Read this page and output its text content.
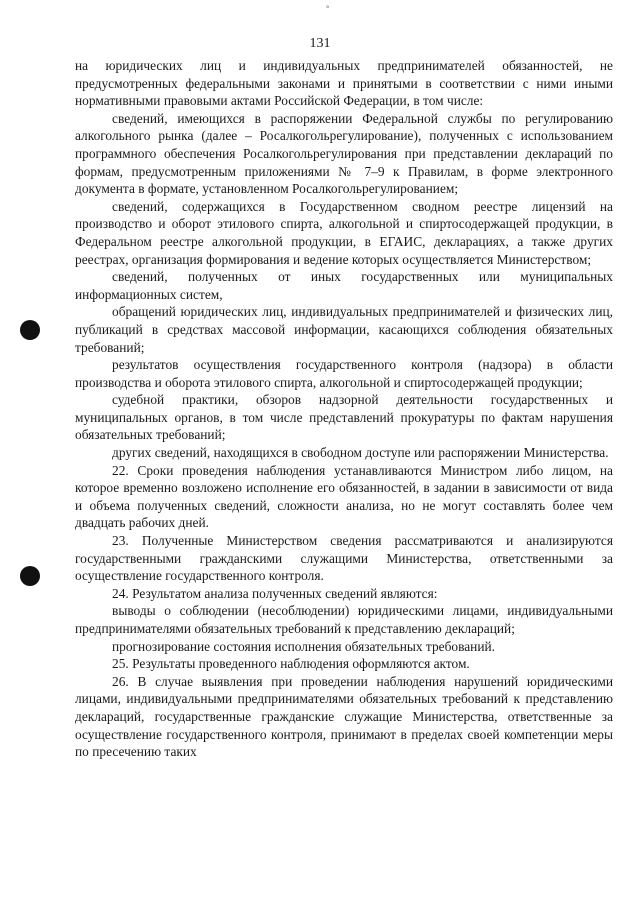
°
131

на юридических лиц и индивидуальных предпринимателей обязанностей, не предусмотренных федеральными законами и принятыми в соответствии с ними иными нормативными правовыми актами Российской Федерации, в том числе:

сведений, имеющихся в распоряжении Федеральной службы по регулированию алкогольного рынка (далее – Росалкогольрегулирование), полученных с использованием программного обеспечения Росалкогольрегулирования при представлении деклараций по формам, предусмотренным приложениями № 7–9 к Правилам, в форме электронного документа в формате, установленном Росалкогольрегулированием;

сведений, содержащихся в Государственном сводном реестре лицензий на производство и оборот этилового спирта, алкогольной и спиртосодержащей продукции, в Федеральном реестре алкогольной продукции, в ЕГАИС, декларациях, а также других реестрах, организация формирования и ведение которых осуществляется Министерством;

сведений, полученных от иных государственных или муниципальных информационных систем,

обращений юридических лиц, индивидуальных предпринимателей и физических лиц, публикаций в средствах массовой информации, касающихся соблюдения обязательных требований;

результатов осуществления государственного контроля (надзора) в области производства и оборота этилового спирта, алкогольной и спиртосодержащей продукции;

судебной практики, обзоров надзорной деятельности государственных и муниципальных органов, в том числе представлений прокуратуры по фактам нарушения обязательных требований;

других сведений, находящихся в свободном доступе или распоряжении Министерства.

22. Сроки проведения наблюдения устанавливаются Министром либо лицом, на которое временно возложено исполнение его обязанностей, в задании в зависимости от вида и объема полученных сведений, сложности анализа, но не могут составлять более чем двадцать рабочих дней.

23. Полученные Министерством сведения рассматриваются и анализируются государственными гражданскими служащими Министерства, ответственными за осуществление государственного контроля.

24. Результатом анализа полученных сведений являются:

выводы о соблюдении (несоблюдении) юридическими лицами, индивидуальными предпринимателями обязательных требований к представлению деклараций;

прогнозирование состояния исполнения обязательных требований.

25. Результаты проведенного наблюдения оформляются актом.

26. В случае выявления при проведении наблюдения нарушений юридическими лицами, индивидуальными предпринимателями обязательных требований к представлению деклараций, государственные гражданские служащие Министерства, ответственные за осуществление государственного контроля, принимают в пределах своей компетенции меры по пресечению таких
